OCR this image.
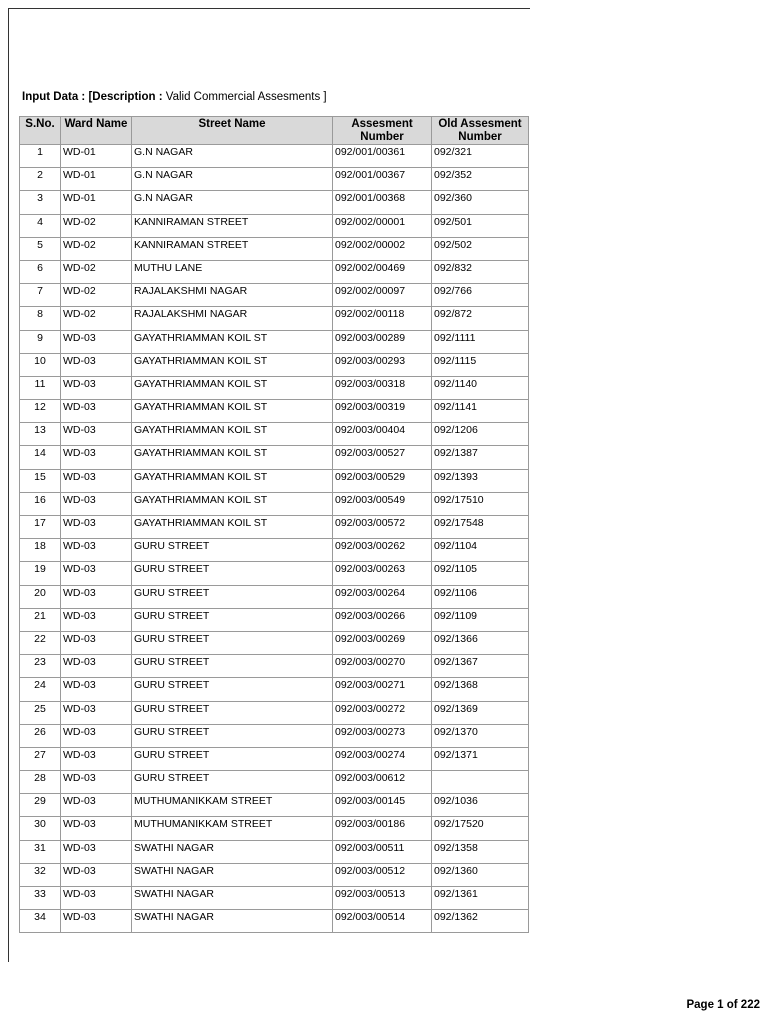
Input Data : [Description : Valid Commercial Assesments ]
S.No.	Ward Name	Street Name	Assesment Number	Old Assesment Number
1	WD-01	G.N NAGAR	092/001/00361	092/321
2	WD-01	G.N NAGAR	092/001/00367	092/352
3	WD-01	G.N NAGAR	092/001/00368	092/360
4	WD-02	KANNIRAMAN STREET	092/002/00001	092/501
5	WD-02	KANNIRAMAN STREET	092/002/00002	092/502
6	WD-02	MUTHU LANE	092/002/00469	092/832
7	WD-02	RAJALAKSHMI NAGAR	092/002/00097	092/766
8	WD-02	RAJALAKSHMI NAGAR	092/002/00118	092/872
9	WD-03	GAYATHRIAMMAN KOIL ST	092/003/00289	092/1111
10	WD-03	GAYATHRIAMMAN KOIL ST	092/003/00293	092/1115
11	WD-03	GAYATHRIAMMAN KOIL ST	092/003/00318	092/1140
12	WD-03	GAYATHRIAMMAN KOIL ST	092/003/00319	092/1141
13	WD-03	GAYATHRIAMMAN KOIL ST	092/003/00404	092/1206
14	WD-03	GAYATHRIAMMAN KOIL ST	092/003/00527	092/1387
15	WD-03	GAYATHRIAMMAN KOIL ST	092/003/00529	092/1393
16	WD-03	GAYATHRIAMMAN KOIL ST	092/003/00549	092/17510
17	WD-03	GAYATHRIAMMAN KOIL ST	092/003/00572	092/17548
18	WD-03	GURU STREET	092/003/00262	092/1104
19	WD-03	GURU STREET	092/003/00263	092/1105
20	WD-03	GURU STREET	092/003/00264	092/1106
21	WD-03	GURU STREET	092/003/00266	092/1109
22	WD-03	GURU STREET	092/003/00269	092/1366
23	WD-03	GURU STREET	092/003/00270	092/1367
24	WD-03	GURU STREET	092/003/00271	092/1368
25	WD-03	GURU STREET	092/003/00272	092/1369
26	WD-03	GURU STREET	092/003/00273	092/1370
27	WD-03	GURU STREET	092/003/00274	092/1371
28	WD-03	GURU STREET	092/003/00612	
29	WD-03	MUTHUMANIKKAM STREET	092/003/00145	092/1036
30	WD-03	MUTHUMANIKKAM STREET	092/003/00186	092/17520
31	WD-03	SWATHI NAGAR	092/003/00511	092/1358
32	WD-03	SWATHI NAGAR	092/003/00512	092/1360
33	WD-03	SWATHI NAGAR	092/003/00513	092/1361
34	WD-03	SWATHI NAGAR	092/003/00514	092/1362
Page 1 of 222
